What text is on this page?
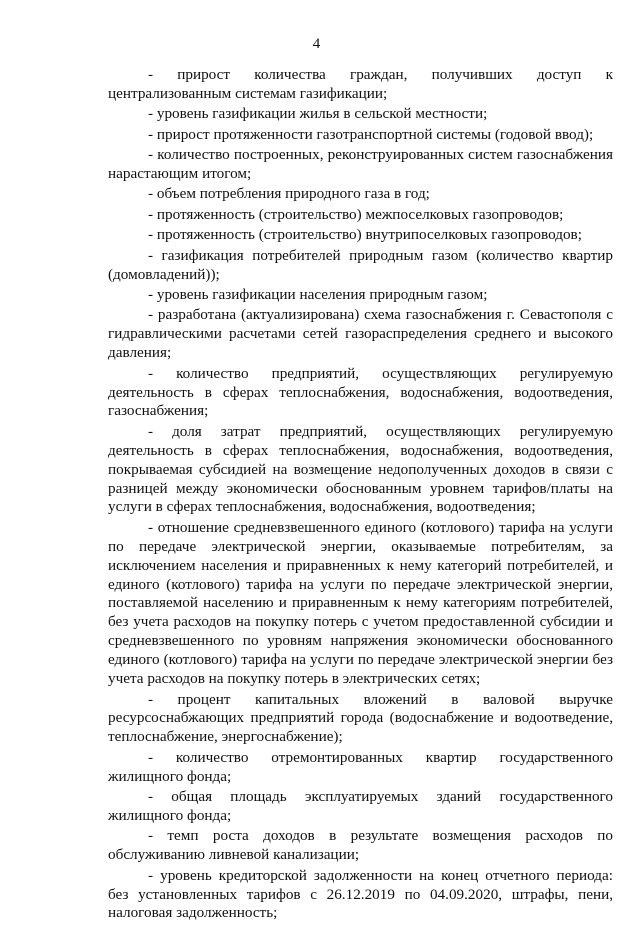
4

- прирост количества граждан, получивших доступ к централизованным системам газификации;

- уровень газификации жилья в сельской местности;

- прирост протяженности газотранспортной системы (годовой ввод);

- количество построенных, реконструированных систем газоснабжения нарастающим итогом;

- объем потребления природного газа в год;

- протяженность (строительство) межпоселковых газопроводов;

- протяженность (строительство) внутрипоселковых газопроводов;

- газификация потребителей природным газом (количество квартир (домовладений));

- уровень газификации населения природным газом;

- разработана (актуализирована) схема газоснабжения г. Севастополя с гидравлическими расчетами сетей газораспределения среднего и высокого давления;

- количество предприятий, осуществляющих регулируемую деятельность в сферах теплоснабжения, водоснабжения, водоотведения, газоснабжения;

- доля затрат предприятий, осуществляющих регулируемую деятельность в сферах теплоснабжения, водоснабжения, водоотведения, покрываемая субсидией на возмещение недополученных доходов в связи с разницей между экономически обоснованным уровнем тарифов/платы на услуги в сферах теплоснабжения, водоснабжения, водоотведения;

- отношение средневзвешенного единого (котлового) тарифа на услуги по передаче электрической энергии, оказываемые потребителям, за исключением населения и приравненных к нему категорий потребителей, и единого (котлового) тарифа на услуги по передаче электрической энергии, поставляемой населению и приравненным к нему категориям потребителей, без учета расходов на покупку потерь с учетом предоставленной субсидии и средневзвешенного по уровням напряжения экономически обоснованного единого (котлового) тарифа на услуги по передаче электрической энергии без учета расходов на покупку потерь в электрических сетях;

- процент капитальных вложений в валовой выручке ресурсоснабжающих предприятий города (водоснабжение и водоотведение, теплоснабжение, энергоснабжение);

- количество отремонтированных квартир государственного жилищного фонда;

- общая площадь эксплуатируемых зданий государственного жилищного фонда;

- темп роста доходов в результате возмещения расходов по обслуживанию ливневой канализации;

- уровень кредиторской задолженности на конец отчетного периода: без установленных тарифов с 26.12.2019 по 04.09.2020, штрафы, пени, налоговая задолженность;
